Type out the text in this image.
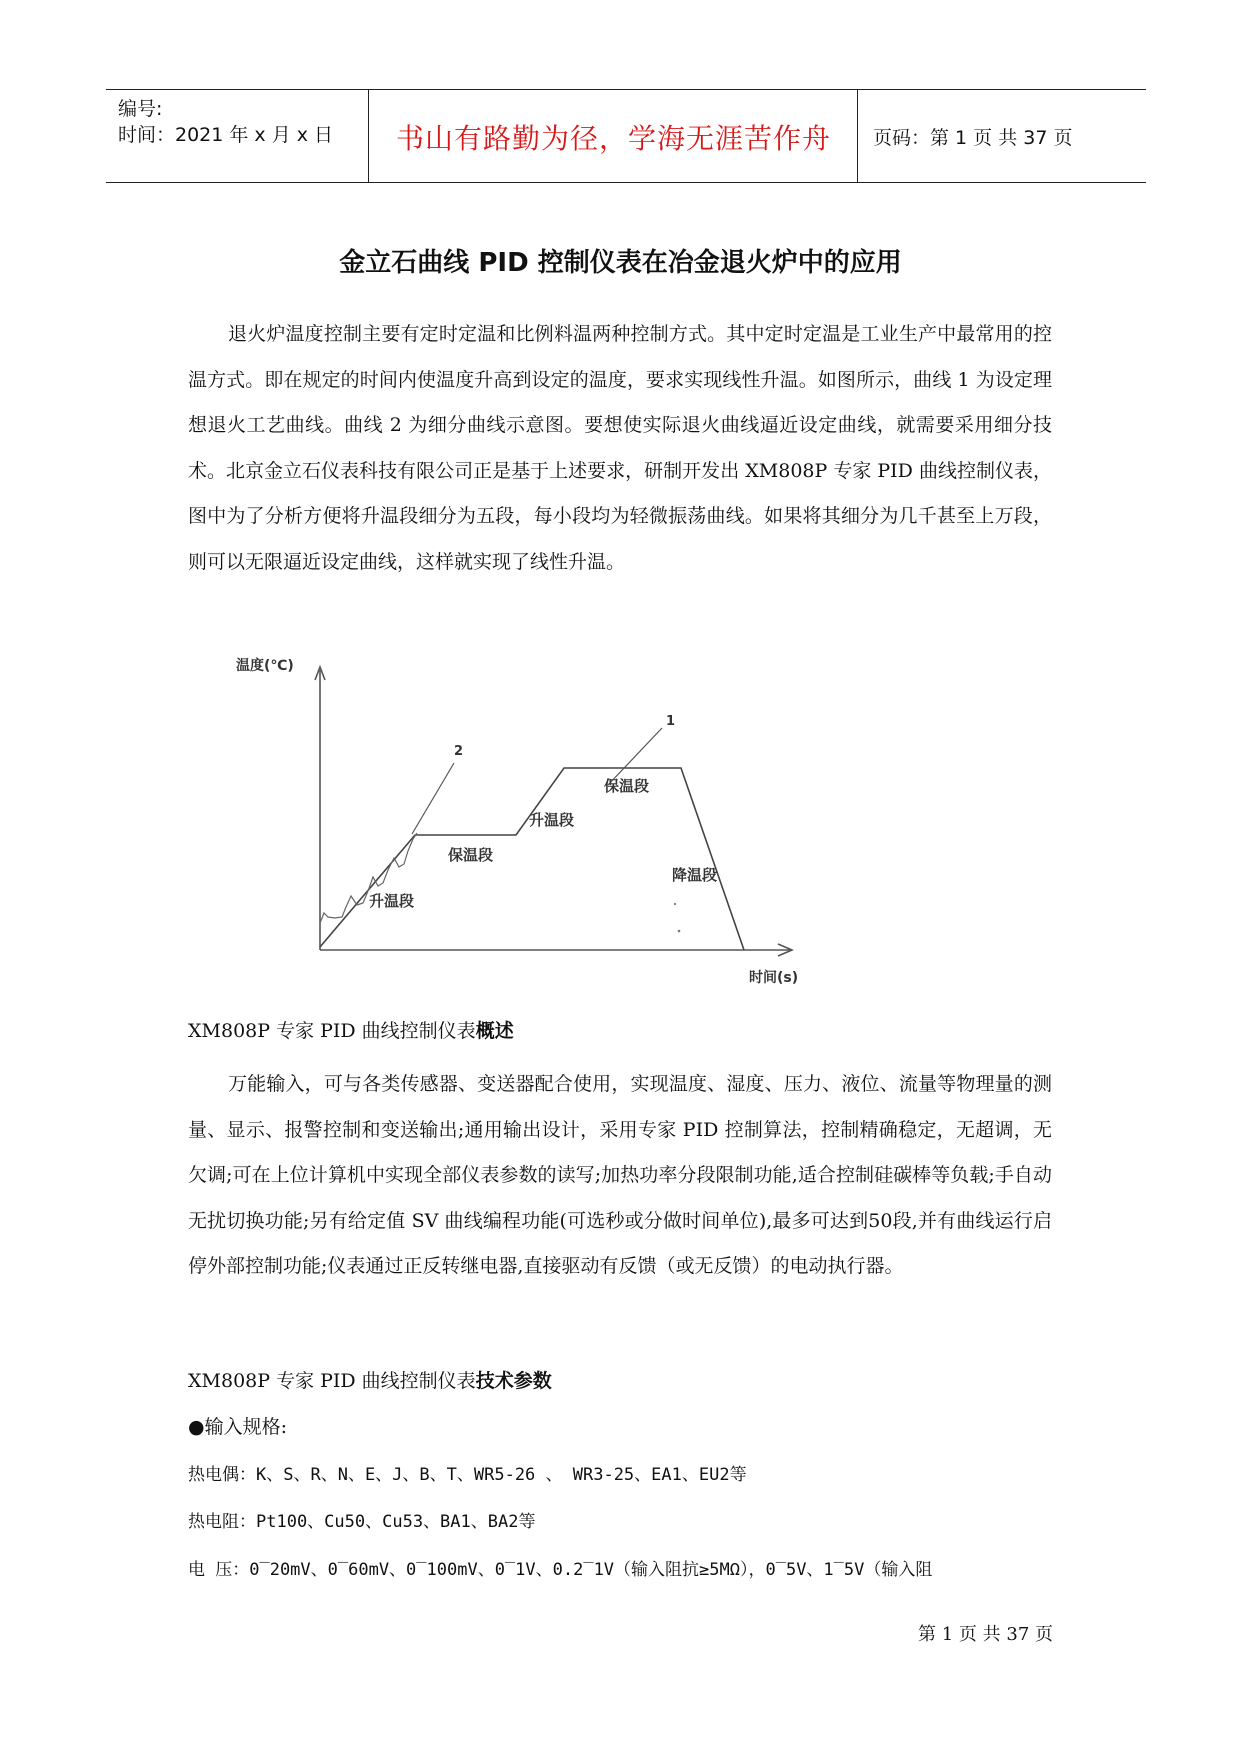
编号:
时间：2021 年 x 月 x 日	书山有路勤为径，学海无涯苦作舟	页码：第 1 页 共 37 页
金立石曲线 PID 控制仪表在冶金退火炉中的应用

退火炉温度控制主要有定时定温和比例料温两种控制方式。其中定时定温是工业生产中最常用的控温方式。即在规定的时间内使温度升高到设定的温度，要求实现线性升温。如图所示，曲线 1 为设定理想退火工艺曲线。曲线 2 为细分曲线示意图。要想使实际退火曲线逼近设定曲线，就需要采用细分技术。北京金立石仪表科技有限公司正是基于上述要求，研制开发出 XM808P 专家 PID 曲线控制仪表，图中为了分析方便将升温段细分为五段，每小段均为轻微振荡曲线。如果将其细分为几千甚至上万段，则可以无限逼近设定曲线，这样就实现了线性升温。

温度(℃)
时间(s)
1
2
升温段
保温段
升温段
保温段
降温段
XM808P 专家 PID 曲线控制仪表概述

万能输入，可与各类传感器、变送器配合使用，实现温度、湿度、压力、液位、流量等物理量的测量、显示、报警控制和变送输出;通用输出设计，采用专家 PID 控制算法，控制精确稳定，无超调，无欠调;可在上位计算机中实现全部仪表参数的读写;加热功率分段限制功能,适合控制硅碳棒等负载;手自动无扰切换功能;另有给定值 SV 曲线编程功能(可选秒或分做时间单位),最多可达到50段,并有曲线运行启停外部控制功能;仪表通过正反转继电器,直接驱动有反馈（或无反馈）的电动执行器。

XM808P 专家 PID 曲线控制仪表技术参数
●输入规格:
热电偶：K、S、R、N、E、J、B、T、WR5-26 、 WR3-25、EA1、EU2等
热电阻：Pt100、Cu50、Cu53、BA1、BA2等
电 压：0‾20mV、0‾60mV、0‾100mV、0‾1V、0.2‾1V（输入阻抗≥5MΩ），0‾5V、1‾5V（输入阻
第 1 页 共 37 页
